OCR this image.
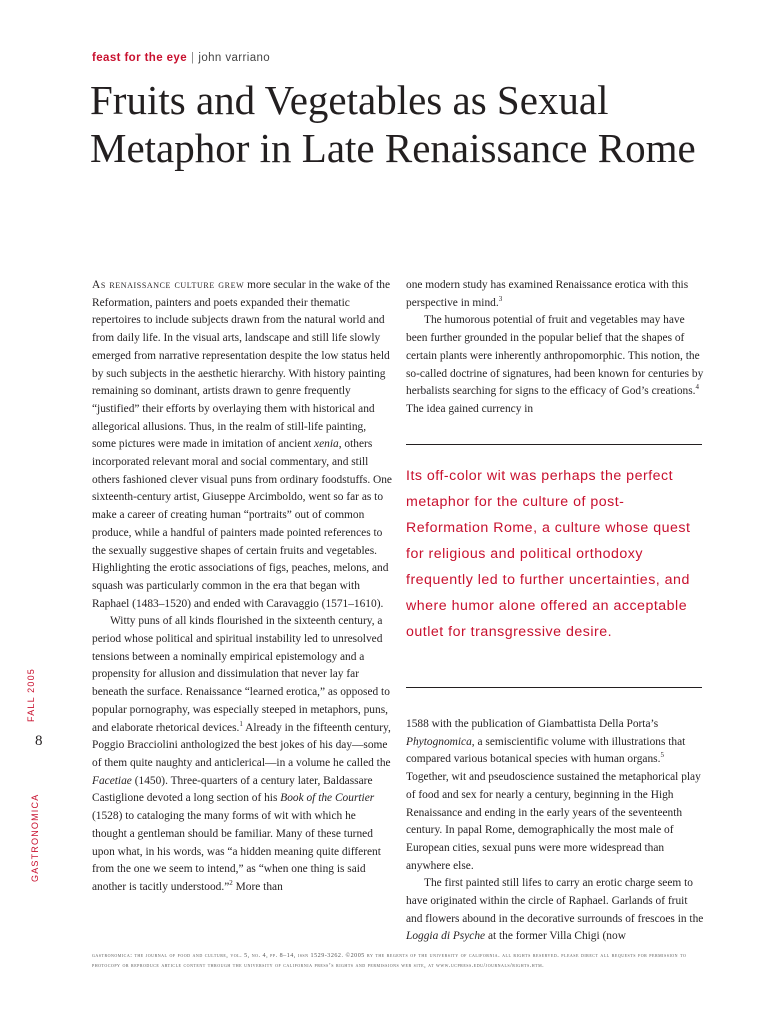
feast for the eye | john varriano
Fruits and Vegetables as Sexual
Metaphor in Late Renaissance Rome

As renaissance culture grew more secular in the wake of the Reformation, painters and poets expanded their thematic repertoires to include subjects drawn from the natural world and from daily life. In the visual arts, landscape and still life slowly emerged from narrative representation despite the low status held by such subjects in the aesthetic hierarchy. With history painting remaining so dominant, artists drawn to genre frequently “justified” their efforts by overlaying them with historical and allegorical allusions. Thus, in the realm of still-life painting, some pictures were made in imitation of ancient xenia, others incorporated relevant moral and social commentary, and still others fashioned clever visual puns from ordinary foodstuffs. One sixteenth-century artist, Giuseppe Arcimboldo, went so far as to make a career of creating human “portraits” out of common produce, while a handful of painters made pointed references to the sexually suggestive shapes of certain fruits and vegetables. Highlighting the erotic associations of figs, peaches, melons, and squash was particularly common in the era that began with Raphael (1483–1520) and ended with Caravaggio (1571–1610).

Witty puns of all kinds flourished in the sixteenth century, a period whose political and spiritual instability led to unresolved tensions between a nominally empirical epistemology and a propensity for allusion and dissimulation that never lay far beneath the surface. Renaissance “learned erotica,” as opposed to popular pornography, was especially steeped in metaphors, puns, and elaborate rhetorical devices.$^1$ Already in the fifteenth century, Poggio Bracciolini anthologized the best jokes of his day—some of them quite naughty and anticlerical—in a volume he called the Facetiae (1450). Three-quarters of a century later, Baldassare Castiglione devoted a long section of his Book of the Courtier (1528) to cataloging the many forms of wit with which he thought a gentleman should be familiar. Many of these turned upon what, in his words, was “a hidden meaning quite different from the one we seem to intend,” as “when one thing is said another is tacitly understood.”$^2$ More than

one modern study has examined Renaissance erotica with this perspective in mind.$^3$

The humorous potential of fruit and vegetables may have been further grounded in the popular belief that the shapes of certain plants were inherently anthropomorphic. This notion, the so-called doctrine of signatures, had been known for centuries by herbalists searching for signs to the efficacy of God’s creations.$^4$ The idea gained currency in

Its off-color wit was perhaps the perfect metaphor for the culture of post-Reformation Rome, a culture whose quest for religious and political orthodoxy frequently led to further uncertainties, and where humor alone offered an acceptable outlet for transgressive desire.

1588 with the publication of Giambattista Della Porta’s Phytognomica, a semiscientific volume with illustrations that compared various botanical species with human organs.$^5$ Together, wit and pseudoscience sustained the metaphorical play of food and sex for nearly a century, beginning in the High Renaissance and ending in the early years of the seventeenth century. In papal Rome, demographically the most male of European cities, sexual puns were more widespread than anywhere else.

The first painted still lifes to carry an erotic charge seem to have originated within the circle of Raphael. Garlands of fruit and flowers abound in the decorative surrounds of frescoes in the Loggia di Psyche at the former Villa Chigi (now

FALL 2005
8
GASTRONOMICA
gastronomica: the journal of food and culture, vol. 5, no. 4, pp. 8–14, issn 1529-3262. ©2005 by the regents of the university of california. all rights reserved. please direct all requests for permission to photocopy or reproduce article content through the university of california press’s rights and permissions web site, at www.ucpress.edu/journals/rights.htm.
